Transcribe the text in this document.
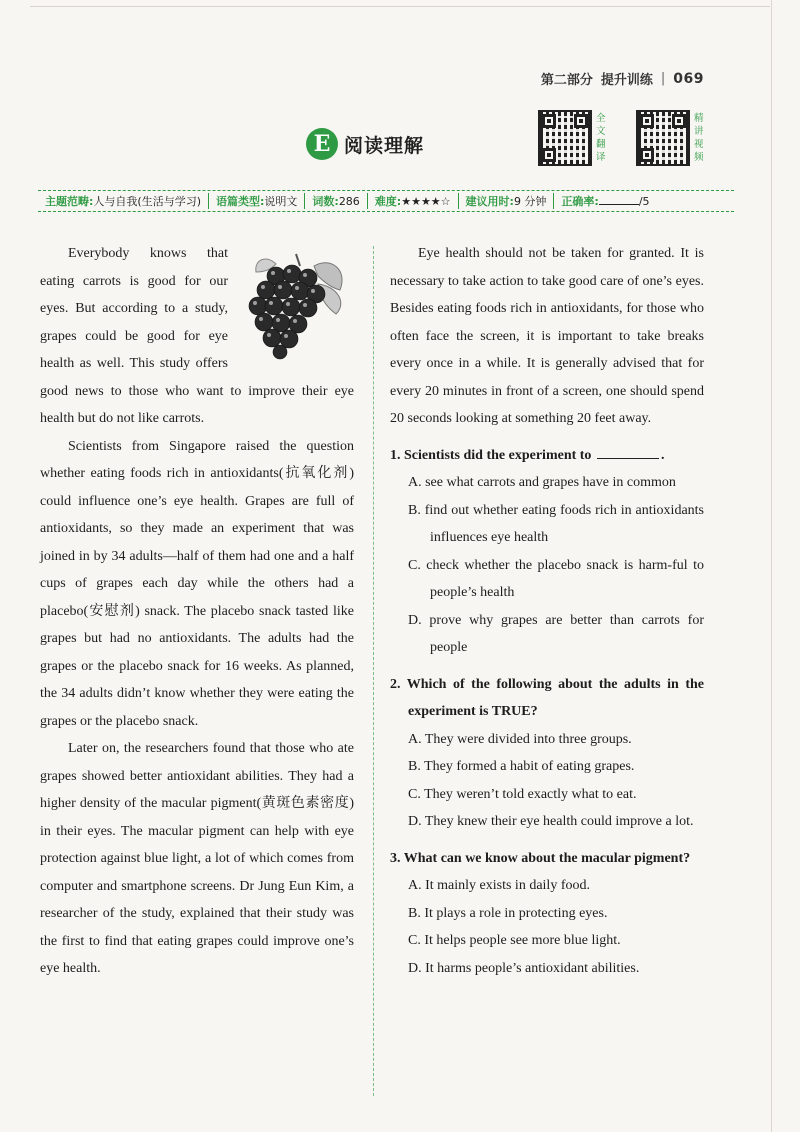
第二部分 提升训练 | 069
E 阅读理解
全文翻译
精讲视频
主题范畴:人与自我(生活与学习)	语篇类型:说明文	词数:286	难度:★★★★☆	建议用时:9 分钟	正确率:	/5

Everybody knows that eating carrots is good for our eyes. But according to a study, grapes could be good for eye health as well. This study offers good news to those who want to improve their eye health but do not like carrots.

Scientists from Singapore raised the question whether eating foods rich in antioxidants(抗氧化剂) could influence one’s eye health. Grapes are full of antioxidants, so they made an experiment that was joined in by 34 adults—half of them had one and a half cups of grapes each day while the others had a placebo(安慰剂) snack. The placebo snack tasted like grapes but had no antioxidants. The adults had the grapes or the placebo snack for 16 weeks. As planned, the 34 adults didn’t know whether they were eating the grapes or the placebo snack.

Later on, the researchers found that those who ate grapes showed better antioxidant abilities. They had a higher density of the macular pigment(黄斑色素密度) in their eyes. The macular pigment can help with eye protection against blue light, a lot of which comes from computer and smartphone screens. Dr Jung Eun Kim, a researcher of the study, explained that their study was the first to find that eating grapes could improve one’s eye health.

Eye health should not be taken for granted. It is necessary to take action to take good care of one’s eyes. Besides eating foods rich in antioxidants, for those who often face the screen, it is important to take breaks every once in a while. It is generally advised that for every 20 minutes in front of a screen, one should spend 20 seconds looking at something 20 feet away.

1. Scientists did the experiment to	.
A. see what carrots and grapes have in common
B. find out whether eating foods rich in antioxidants influences eye health
C. check whether the placebo snack is harm-ful to people’s health
D. prove why grapes are better than carrots for people
2. Which of the following about the adults in the experiment is TRUE?
A. They were divided into three groups.
B. They formed a habit of eating grapes.
C. They weren’t told exactly what to eat.
D. They knew their eye health could improve a lot.
3. What can we know about the macular pigment?
A. It mainly exists in daily food.
B. It plays a role in protecting eyes.
C. It helps people see more blue light.
D. It harms people’s antioxidant abilities.
